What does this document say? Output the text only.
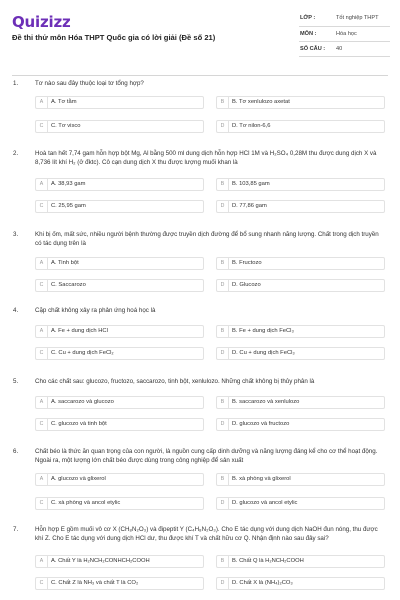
Quizizz
Đề thi thử môn Hóa THPT Quốc gia có lời giải (Đề số 21)
LỚP :	Tốt nghiệp THPT
MÔN :	Hóa học
SỐ CÂU :	40
1.	Tơ nào sau đây thuộc loại tơ tổng hợp?
A	A. Tơ tằm	B	B. Tơ xenlulozo axetat
C	C. Tơ visco	D	D. Tơ nilon-6,6
2.	Hoà tan hết 7,74 gam hỗn hợp bột Mg, Al bằng 500 ml dung dịch hỗn hợp HCl 1M và H₂SO₄ 0,28M thu được dung dịch X và 8,736 lít khí H₂ (ở đktc). Cô cạn dung dịch X thu được lượng muối khan là
A	A. 38,93 gam	B	B. 103,85 gam
C	C. 25,95 gam	D	D. 77,86 gam
3.	Khi bị ốm, mất sức, nhiều người bệnh thường được truyền dịch đường để bổ sung nhanh năng lượng. Chất trong dịch truyền có tác dụng trên là
A	A. Tinh bột	B	B. Fructozo
C	C. Saccarozo	D	D. Glucozo
4.	Cặp chất không xảy ra phản ứng hoá học là
A	A. Fe + dung dịch HCl	B	B. Fe + dung dịch FeCl₃
C	C. Cu + dung dịch FeCl₂	D	D. Cu + dung dịch FeCl₃
5.	Cho các chất sau: glucozo, fructozo, saccarozo, tinh bột, xenlulozo. Những chất không bị thủy phân là
A	A. saccarozo và glucozo	B	B. saccarozo và xenlulozo
C	C. glucozo và tinh bột	D	D. glucozo và fructozo
6.	Chất béo là thức ăn quan trọng của con người, là nguồn cung cấp dinh dưỡng và năng lượng đáng kể cho cơ thể hoạt động. Ngoài ra, một lượng lớn chất béo được dùng trong công nghiệp để sản xuất
A	A. glucozo và glixerol	B	B. xà phòng và glixerol
C	C. xà phòng và ancol etylic	D	D. glucozo và ancol etylic
7.	Hỗn hợp E gồm muối vô cơ X (CH₈N₂O₃) và đipeptit Y (C₄H₈N₂O₃). Cho E tác dụng với dung dịch NaOH đun nóng, thu được khí Z. Cho E tác dụng với dung dịch HCl dư, thu được khí T và chất hữu cơ Q. Nhận định nào sau đây sai?
A	A. Chất Y là H₂NCH₂CONHCH₂COOH	B	B. Chất Q là H₂NCH₂COOH
C	C. Chất Z là NH₃ và chất T là CO₂	D	D. Chất X là (NH₄)₂CO₃
